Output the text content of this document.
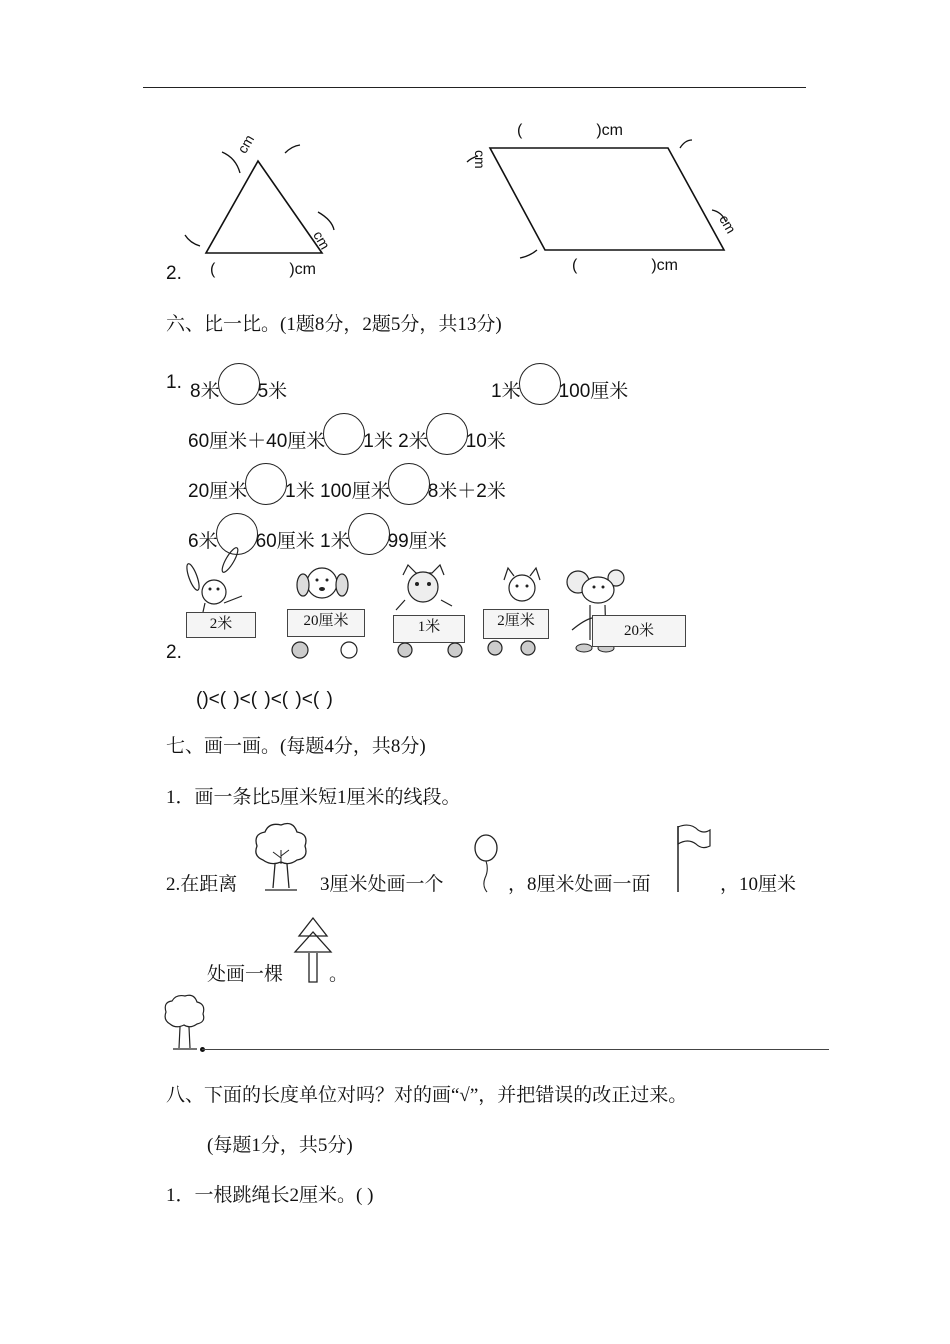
cm
cm
(	)cm
cm
cm
(	)cm
2. (	)cm
六、比一比。(1题8分，2题5分，共13分)
1. 8米 5米	1米 100厘米
60厘米＋40厘米 1米 2米 10米
20厘米 1米 100厘米 8米＋2米
6米 60厘米 1米 99厘米
2.
2米	20厘米	1米	2厘米
20米
()<( )<( )<( )<( )
七、画一画。(每题4分，共8分)
1．画一条比5厘米短1厘米的线段。
2.在距离	3厘米处画一个	，8厘米处画一面	，10厘米
处画一棵 。
八、下面的长度单位对吗？对的画“√”，并把错误的改正过来。
(每题1分，共5分)
1．一根跳绳长2厘米。( )
